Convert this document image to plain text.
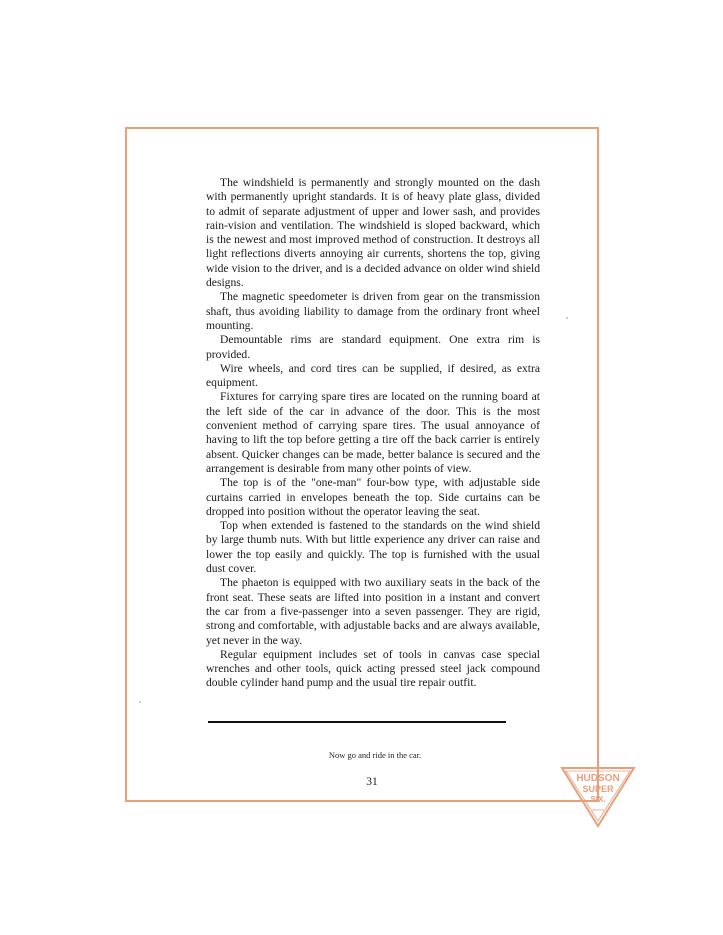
The windshield is permanently and strongly mounted on the dash with permanently upright standards. It is of heavy plate glass, divided to admit of separate adjustment of upper and lower sash, and provides rain-vision and ventilation. The windshield is sloped backward, which is the newest and most improved method of construction. It destroys all light reflections diverts annoying air currents, shortens the top, giving wide vision to the driver, and is a decided advance on older wind shield designs.

The magnetic speedometer is driven from gear on the transmission shaft, thus avoiding liability to damage from the ordinary front wheel mounting.

Demountable rims are standard equipment. One extra rim is provided.

Wire wheels, and cord tires can be supplied, if desired, as extra equipment.

Fixtures for carrying spare tires are located on the running board at the left side of the car in advance of the door. This is the most convenient method of carrying spare tires. The usual annoyance of having to lift the top before getting a tire off the back carrier is entirely absent. Quicker changes can be made, better balance is secured and the arrangement is desirable from many other points of view.

The top is of the "one-man" four-bow type, with adjustable side curtains carried in envelopes beneath the top. Side curtains can be dropped into position without the operator leaving the seat.

Top when extended is fastened to the standards on the wind shield by large thumb nuts. With but little experience any driver can raise and lower the top easily and quickly. The top is furnished with the usual dust cover.

The phaeton is equipped with two auxiliary seats in the back of the front seat. These seats are lifted into position in a instant and convert the car from a five-passenger into a seven passenger. They are rigid, strong and comfortable, with adjustable backs and are always available, yet never in the way.

Regular equipment includes set of tools in canvas case special wrenches and other tools, quick acting pressed steel jack compound double cylinder hand pump and the usual tire repair outfit.

Now go and ride in the car.
31	HUDSON
SUPER
SIX.
